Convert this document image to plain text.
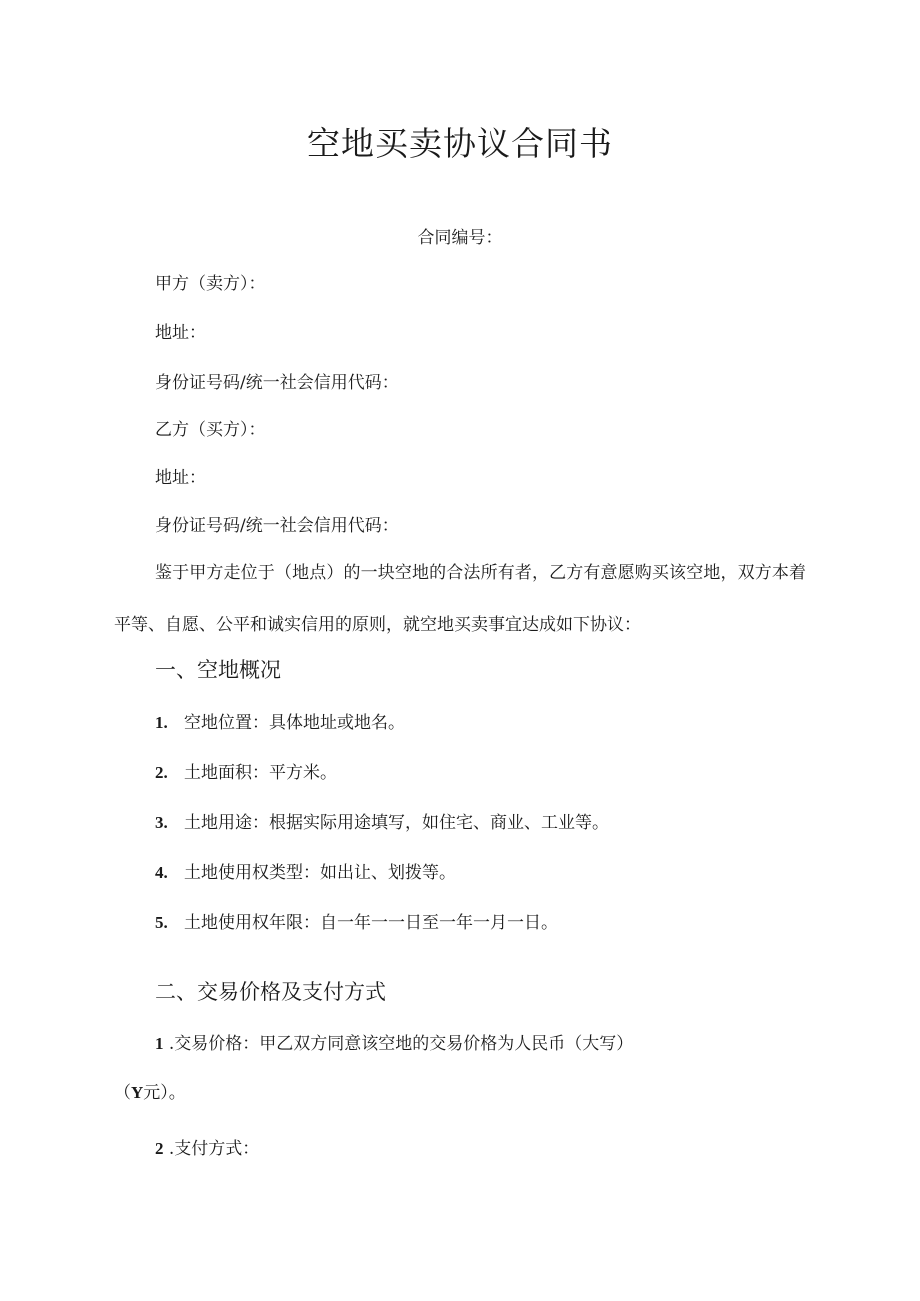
空地买卖协议合同书
合同编号：
甲方（卖方）：
地址：
身份证号码/统一社会信用代码：
乙方（买方）：
地址：
身份证号码/统一社会信用代码：
鉴于甲方走位于（地点）的一块空地的合法所有者，乙方有意愿购买该空地，双方本着平等、自愿、公平和诚实信用的原则，就空地买卖事宜达成如下协议：
一、空地概况
1. 空地位置：具体地址或地名。
2. 土地面积：平方米。
3. 土地用途：根据实际用途填写，如住宅、商业、工业等。
4. 土地使用权类型：如出让、划拨等。
5. 土地使用权年限：自一年一一日至一年一月一日。
二、交易价格及支付方式
1 .交易价格：甲乙双方同意该空地的交易价格为人民币（大写）
（Y元）。
2 .支付方式：
